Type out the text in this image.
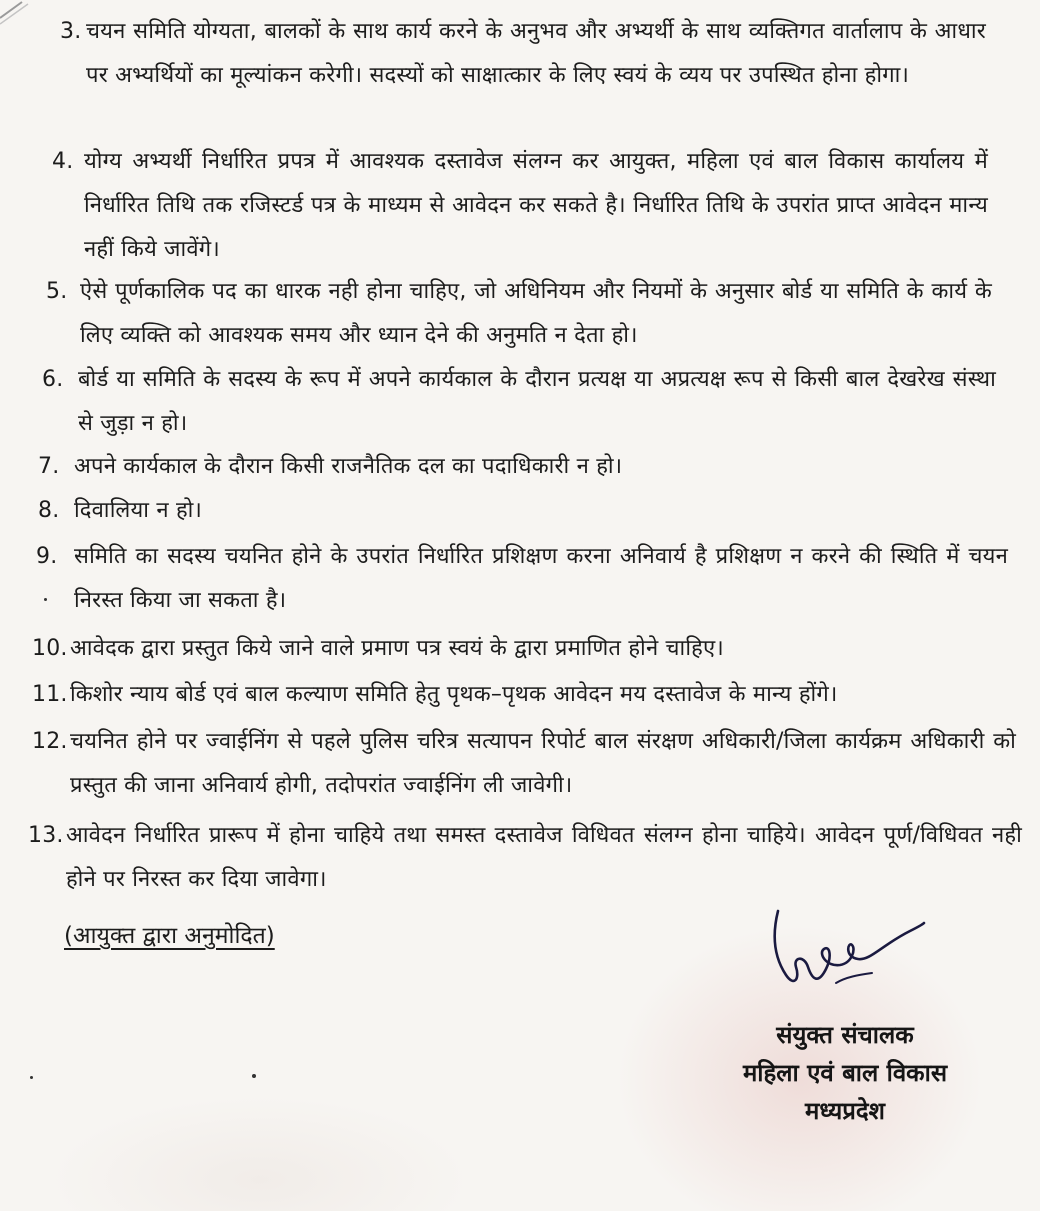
3. चयन समिति योग्यता, बालकों के साथ कार्य करने के अनुभव और अभ्यर्थी के साथ व्यक्तिगत वार्तालाप के आधार पर अभ्यर्थियों का मूल्यांकन करेगी। सदस्यों को साक्षात्कार के लिए स्वयं के व्यय पर उपस्थित होना होगा।
4. योग्य अभ्यर्थी निर्धारित प्रपत्र में आवश्यक दस्तावेज संलग्न कर आयुक्त, महिला एवं बाल विकास कार्यालय में निर्धारित तिथि तक रजिस्टर्ड पत्र के माध्यम से आवेदन कर सकते है। निर्धारित तिथि के उपरांत प्राप्त आवेदन मान्य नहीं किये जावेंगे।
5. ऐसे पूर्णकालिक पद का धारक नही होना चाहिए, जो अधिनियम और नियमों के अनुसार बोर्ड या समिति के कार्य के लिए व्यक्ति को आवश्यक समय और ध्यान देने की अनुमति न देता हो।
6. बोर्ड या समिति के सदस्य के रूप में अपने कार्यकाल के दौरान प्रत्यक्ष या अप्रत्यक्ष रूप से किसी बाल देखरेख संस्था से जुड़ा न हो।
7. अपने कार्यकाल के दौरान किसी राजनैतिक दल का पदाधिकारी न हो।
8. दिवालिया न हो।
9. समिति का सदस्य चयनित होने के उपरांत निर्धारित प्रशिक्षण करना अनिवार्य है प्रशिक्षण न करने की स्थिति में चयन निरस्त किया जा सकता है।
10. आवेदक द्वारा प्रस्तुत किये जाने वाले प्रमाण पत्र स्वयं के द्वारा प्रमाणित होने चाहिए।
11. किशोर न्याय बोर्ड एवं बाल कल्याण समिति हेतु पृथक–पृथक आवेदन मय दस्तावेज के मान्य होंगे।
12. चयनित होने पर ज्वाईनिंग से पहले पुलिस चरित्र सत्यापन रिपोर्ट बाल संरक्षण अधिकारी/जिला कार्यक्रम अधिकारी को प्रस्तुत की जाना अनिवार्य होगी, तदोपरांत ज्वाईनिंग ली जावेगी।
13. आवेदन निर्धारित प्रारूप में होना चाहिये तथा समस्त दस्तावेज विधिवत संलग्न होना चाहिये। आवेदन पूर्ण/विधिवत नही होने पर निरस्त कर दिया जावेगा।
(आयुक्त द्वारा अनुमोदित)
संयुक्त संचालक
महिला एवं बाल विकास
मध्यप्रदेश
